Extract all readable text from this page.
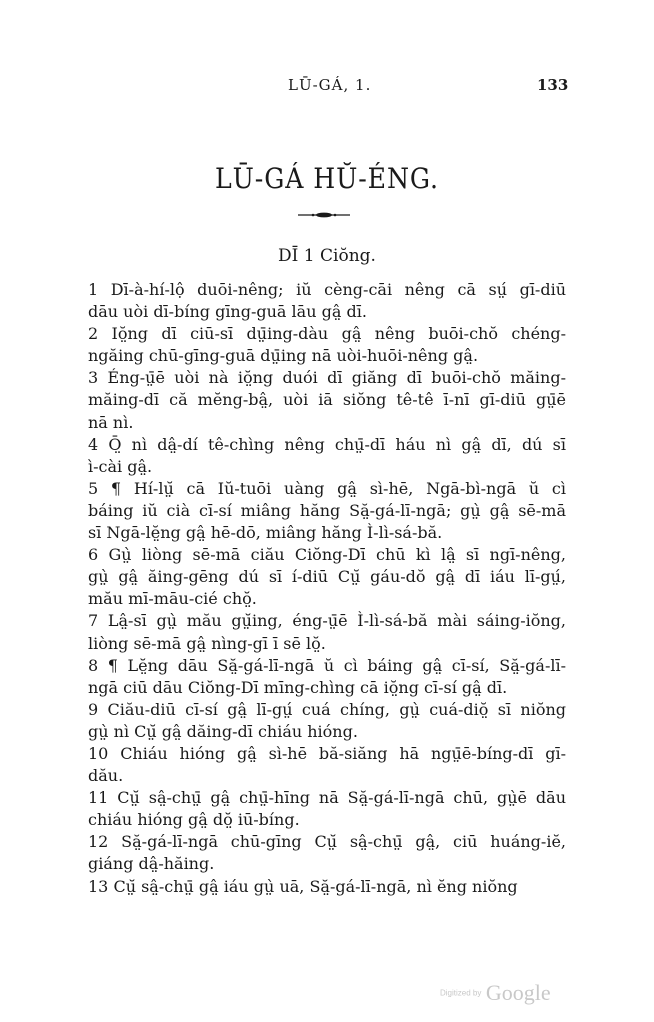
LŪ-GÁ, 1.	133
LŪ-GÁ HŬ-ÉNG.
DĪ 1 Ciŏng.

1 Dī-à-hí-lộ duōi-nêng; iŭ cèng-cāi nêng cā sṳ́ gī-diū
dāu uòi dī-bíng gīng-guā lāu gâ̤ dī.

2 Iŏ̤ng dī ciū-sī dṳ̄ing-dàu gâ̤ nêng buōi-chŏ chéng-
ngăing chū-gīng-guā dṳ̄ing nā uòi-huōi-nêng gâ̤.

3 Éng-ṳ̄ē uòi nà iŏ̤ng duói dī giăng dī buōi-chŏ măing-
măing-dī că mĕng-bâ̤, uòi iā siŏng tê-tê ī-nī gī-diū gṳ̄ē
nā nì.

4 Ō̤ nì dâ̤-dí tê-chìng nêng chṳ̄-dī háu nì gâ̤ dī, dú sī
ì-cài gâ̤.

5 ¶ Hí-lṳ̆ cā Iŭ-tuōi uàng gâ̤ sì-hē, Ngā-bì-ngā ŭ cì
báing iŭ cià cī-sí miâng hăng Să̤-gá-lī-ngā; gṳ̀ gâ̤ sē-mā
sī Ngā-lĕ̤ng gâ̤ hē-dō, miâng hăng Ì-lì-sá-bă.

6 Gṳ̀ liòng sē-mā ciău Ciŏng-Dī chū kì lâ̤ sī ngī-nêng,
gṳ̀ gâ̤ ăing-gēng dú sī í-diū Cṳ̆ gáu-dŏ gâ̤ dī iáu lī-gṳ́,
mău mī-māu-cié chŏ̤.

7 Lâ̤-sī gṳ̀ mău gṳ̆ing, éng-ṳ̄ē Ì-lì-sá-bă mài sáing-iŏng,
liòng sē-mā gâ̤ nìng-gī ī sē lŏ̤.

8 ¶ Lĕ̤ng dāu Să̤-gá-lī-ngā ŭ cì báing gâ̤ cī-sí, Să̤-gá-lī-
ngā ciū dāu Ciŏng-Dī mīng-chìng cā iŏ̤ng cī-sí gâ̤ dī.

9 Ciău-diū cī-sí gâ̤ lī-gṳ́ cuá chíng, gṳ̀ cuá-diŏ̤ sī niŏng
gṳ̀ nì Cṳ̆ gâ̤ dăing-dī chiáu hióng.

10 Chiáu hióng gâ̤ sì-hē bă-siăng hā ngṳ̄ē-bíng-dī gī-
dău.

11 Cṳ̆ sâ̤-chṳ̄ gâ̤ chṳ̄-hīng nā Să̤-gá-lī-ngā chū, gṳ̀ē dāu
chiáu hióng gâ̤ dŏ̤ iū-bíng.

12 Să̤-gá-lī-ngā chū-gīng Cṳ̆ sâ̤-chṳ̄ gâ̤, ciū huáng-iĕ,
giáng dâ̤-hăing.

13 Cṳ̆ sâ̤-chṳ̄ gâ̤ iáu gṳ̀ uā, Să̤-gá-lī-ngā, nì ĕng niŏng

Digitized by Google
